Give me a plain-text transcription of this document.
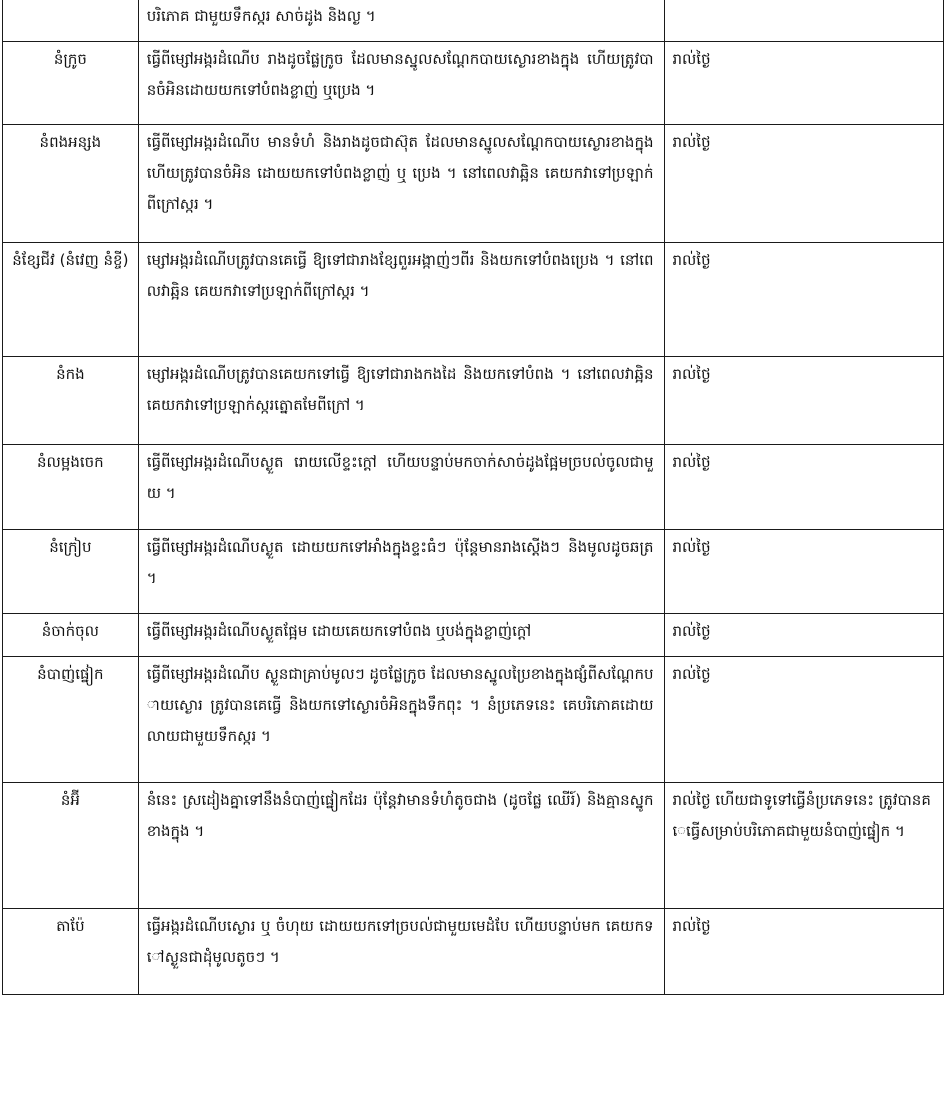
	បរិភោគ ជាមួយទឹកស្ករ សាច់ដូង និងល្ង ។	
នំក្រូច	ធ្វើពីម្សៅអង្ករដំណើប រាងដូចផ្លែក្រូច ដែលមានស្នូលសណ្ដែកបាយស្ងោរខាងក្នុង ហើយត្រូវបានចំអិនដោយយកទៅបំពងខ្លាញ់ ឬប្រេង ។	រាល់ថ្ងៃ
នំពងអន្សង	ធ្វើពីម្សៅអង្ករដំណើប មានទំហំ និងរាងដូចជាស៊ុត ដែលមានស្នូលសណ្ដែកបាយស្ងោរខាងក្នុង ហើយត្រូវបានចំអិន ដោយយកទៅបំពងខ្លាញ់ ឬ ប្រេង ។ នៅពេលវាឆ្អិន គេយកវាទៅប្រឡាក់ពីក្រៅស្ករ ។	រាល់ថ្ងៃ
នំខ្សែជីវ (នំវេញ នំខ្ចី)	ម្សៅអង្ករដំណើបត្រូវបានគេធ្វើ ឱ្យទៅជារាងខ្សែពួរអង្កាញ់ៗពីរ និងយកទៅបំពងប្រេង ។ នៅពេលវាឆ្អិន គេយកវាទៅប្រឡាក់ពីក្រៅស្ករ ។	រាល់ថ្ងៃ
នំកង	ម្សៅអង្ករដំណើបត្រូវបានគេយកទៅធ្វើ ឱ្យទៅជារាងកងដៃ និងយកទៅបំពង ។ នៅពេលវាឆ្អិន គេយកវាទៅប្រឡាក់ស្ករត្នោតមែពីក្រៅ ។	រាល់ថ្ងៃ
នំលម្អងចេក	ធ្វើពីម្សៅអង្ករដំណើបស្ងួត រោយលើខ្ទះក្ដៅ ហើយបន្ទាប់មកចាក់សាច់ដូងផ្អែមច្របល់ចូលជាមួយ ។	រាល់ថ្ងៃ
នំក្រៀប	ធ្វើពីម្សៅអង្ករដំណើបស្ងួត ដោយយកទៅអាំងក្នុងខ្ទះធំៗ ប៉ុន្តែមានរាងស្ដើងៗ និងមូលដូចឆត្រ ។	រាល់ថ្ងៃ
នំចាក់ចុល	ធ្វើពីម្សៅអង្ករដំណើបស្ងួតផ្អែម ដោយគេយកទៅបំពង ឬបង់ក្នុងខ្លាញ់ក្ដៅ	រាល់ថ្ងៃ
នំបាញ់ផ្នៀក	ធ្វើពីម្សៅអង្ករដំណើប ស្ងួនជាគ្រាប់មូលៗ ដូចផ្លែក្រូច ដែលមានស្នូលប្រៃខាងក្នុងផ្សំពីសណ្ដែកបាយស្ងោរ ត្រូវបានគេធ្វើ និងយកទៅស្ងោរចំអិនក្នុងទឹកពុះ ។ នំប្រភេទនេះ គេបរិភោគដោយលាយជាមួយទឹកស្ករ ។	រាល់ថ្ងៃ
នំអ៊ី	នំនេះ ស្រដៀងគ្នាទៅនឹងនំបាញ់ផ្នៀកដែរ ប៉ុន្តែវាមានទំហំតូចជាង (ដូចផ្លែ ឈើរ៍) និងគ្មានស្នូកខាងក្នុង ។	រាល់ថ្ងៃ ហើយជាទូទៅធ្វើនំប្រភេទនេះ ត្រូវបានគេធ្វើសម្រាប់បរិភោគជាមួយនំបាញ់ផ្នៀក ។
តាប៉ែ	ធ្វើអង្ករដំណើបស្ងោរ ឬ ចំហុយ ដោយយកទៅច្របល់ជាមួយមេដំបែ ហើយបន្ទាប់មក គេយកទៅស្ងួនជាដុំមូលតូចៗ ។	រាល់ថ្ងៃ
